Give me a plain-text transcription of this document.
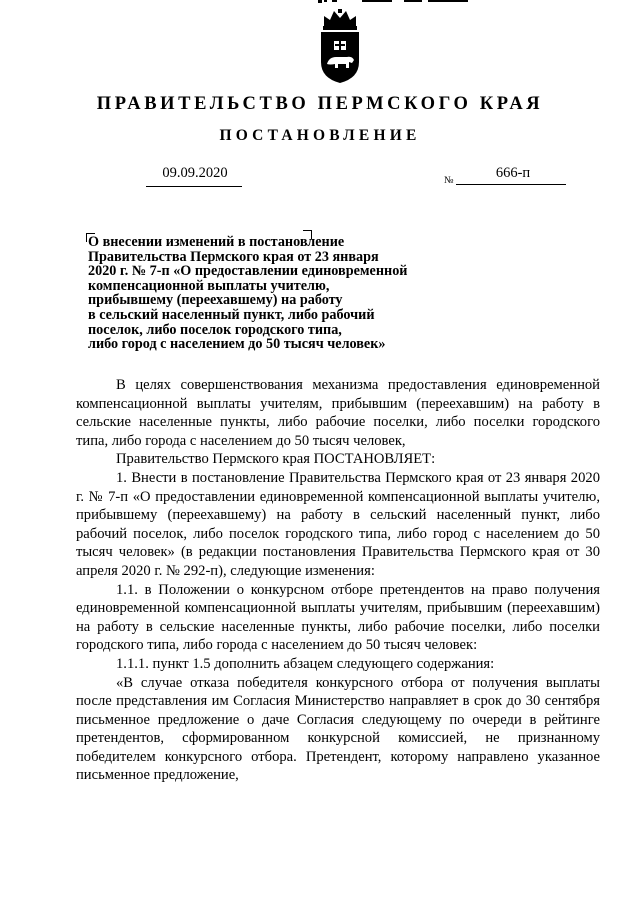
ПРАВИТЕЛЬСТВО ПЕРМСКОГО КРАЯ
ПОСТАНОВЛЕНИЕ
09.09.2020	№	666-п
О внесении изменений в постановление
Правительства Пермского края от 23 января
2020 г. № 7-п «О предоставлении единовременной
компенсационной выплаты учителю,
прибывшему (переехавшему) на работу
в сельский населенный пункт, либо рабочий
поселок, либо поселок городского типа,
либо город с населением до 50 тысяч человек»

В целях совершенствования механизма предоставления единовременной компенсационной выплаты учителям, прибывшим (переехавшим) на работу в сельские населенные пункты, либо рабочие поселки, либо поселки городского типа, либо города с населением до 50 тысяч человек,

Правительство Пермского края ПОСТАНОВЛЯЕТ:

1. Внести в постановление Правительства Пермского края от 23 января 2020 г. № 7-п «О предоставлении единовременной компенсационной выплаты учителю, прибывшему (переехавшему) на работу в сельский населенный пункт, либо рабочий поселок, либо поселок городского типа, либо город с населением до 50 тысяч человек» (в редакции постановления Правительства Пермского края от 30 апреля 2020 г. № 292-п), следующие изменения:

1.1. в Положении о конкурсном отборе претендентов на право получения единовременной компенсационной выплаты учителям, прибывшим (переехавшим) на работу в сельские населенные пункты, либо рабочие поселки, либо поселки городского типа, либо города с населением до 50 тысяч человек:

1.1.1. пункт 1.5 дополнить абзацем следующего содержания:

«В случае отказа победителя конкурсного отбора от получения выплаты после представления им Согласия Министерство направляет в срок до 30 сентября письменное предложение о даче Согласия следующему по очереди в рейтинге претендентов, сформированном конкурсной комиссией, не признанному победителем конкурсного отбора. Претендент, которому направлено указанное письменное предложение,
